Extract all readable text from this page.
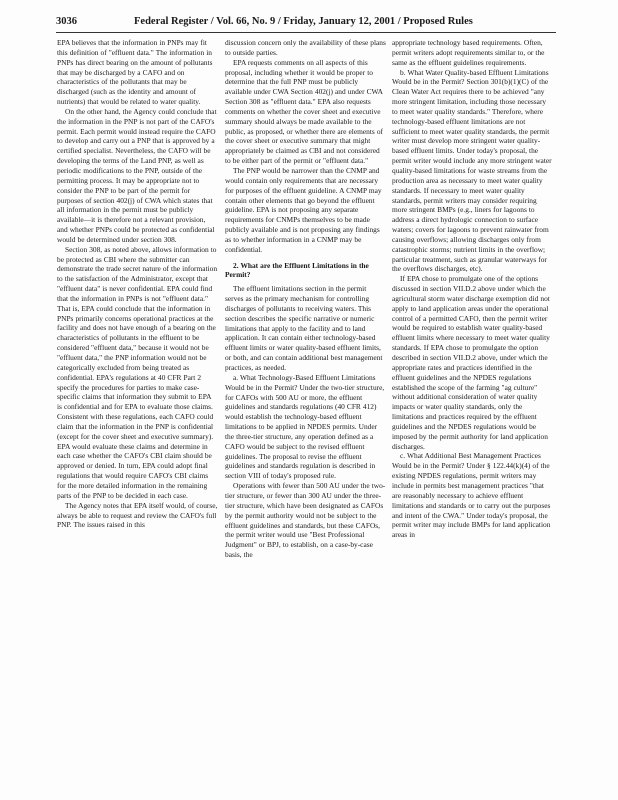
3036	Federal Register / Vol. 66, No. 9 / Friday, January 12, 2001 / Proposed Rules

EPA believes that the information in PNPs may fit this definition of "effluent data." The information in PNPs has direct bearing on the amount of pollutants that may be discharged by a CAFO and on characteristics of the pollutants that may be discharged (such as the identity and amount of nutrients) that would be related to water quality.

On the other hand, the Agency could conclude that the information in the PNP is not part of the CAFO's permit. Each permit would instead require the CAFO to develop and carry out a PNP that is approved by a certified specialist. Nevertheless, the CAFO will be developing the terms of the Land PNP, as well as periodic modifications to the PNP, outside of the permitting process. It may be appropriate not to consider the PNP to be part of the permit for purposes of section 402(j) of CWA which states that all information in the permit must be publicly available—it is therefore not a relevant provision, and whether PNPs could be protected as confidential would be determined under section 308.

Section 308, as noted above, allows information to be protected as CBI where the submitter can demonstrate the trade secret nature of the information to the satisfaction of the Administrator, except that "effluent data" is never confidential. EPA could find that the information in PNPs is not "effluent data." That is, EPA could conclude that the information in PNPs primarily concerns operational practices at the facility and does not have enough of a bearing on the characteristics of pollutants in the effluent to be considered "effluent data," because it would not be "effluent data," the PNP information would not be categorically excluded from being treated as confidential. EPA's regulations at 40 CFR Part 2 specify the procedures for parties to make case-specific claims that information they submit to EPA is confidential and for EPA to evaluate those claims. Consistent with these regulations, each CAFO could claim that the information in the PNP is confidential (except for the cover sheet and executive summary). EPA would evaluate these claims and determine in each case whether the CAFO's CBI claim should be approved or denied. In turn, EPA could adopt final regulations that would require CAFO's CBI claims for the more detailed information in the remaining parts of the PNP to be decided in each case.

The Agency notes that EPA itself would, of course, always be able to request and review the CAFO's full PNP. The issues raised in this

discussion concern only the availability of these plans to outside parties.

EPA requests comments on all aspects of this proposal, including whether it would be proper to determine that the full PNP must be publicly available under CWA Section 402(j) and under CWA Section 308 as "effluent data." EPA also requests comments on whether the cover sheet and executive summary should always be made available to the public, as proposed, or whether there are elements of the cover sheet or executive summary that might appropriately be claimed as CBI and not considered to be either part of the permit or "effluent data."

The PNP would be narrower than the CNMP and would contain only requirements that are necessary for purposes of the effluent guideline. A CNMP may contain other elements that go beyond the effluent guideline. EPA is not proposing any separate requirements for CNMPs themselves to be made publicly available and is not proposing any findings as to whether information in a CNMP may be confidential.

2. What are the Effluent Limitations in the Permit?

The effluent limitations section in the permit serves as the primary mechanism for controlling discharges of pollutants to receiving waters. This section describes the specific narrative or numeric limitations that apply to the facility and to land application. It can contain either technology-based effluent limits or water quality-based effluent limits, or both, and can contain additional best management practices, as needed.

a. What Technology-Based Effluent Limitations Would be in the Permit? Under the two-tier structure, for CAFOs with 500 AU or more, the effluent guidelines and standards regulations (40 CFR 412) would establish the technology-based effluent limitations to be applied in NPDES permits. Under the three-tier structure, any operation defined as a CAFO would be subject to the revised effluent guidelines. The proposal to revise the effluent guidelines and standards regulation is described in section VIII of today's proposed rule.

Operations with fewer than 500 AU under the two-tier structure, or fewer than 300 AU under the three-tier structure, which have been designated as CAFOs by the permit authority would not be subject to the effluent guidelines and standards, but these CAFOs, the permit writer would use "Best Professional Judgment" or BPJ, to establish, on a case-by-case basis, the

appropriate technology based requirements. Often, permit writers adopt requirements similar to, or the same as the effluent guidelines requirements.

b. What Water Quality-based Effluent Limitations Would be in the Permit? Section 301(b)(1)(C) of the Clean Water Act requires there to be achieved "any more stringent limitation, including those necessary to meet water quality standards." Therefore, where technology-based effluent limitations are not sufficient to meet water quality standards, the permit writer must develop more stringent water quality-based effluent limits. Under today's proposal, the permit writer would include any more stringent water quality-based limitations for waste streams from the production area as necessary to meet water quality standards. If necessary to meet water quality standards, permit writers may consider requiring more stringent BMPs (e.g., liners for lagoons to address a direct hydrologic connection to surface waters; covers for lagoons to prevent rainwater from causing overflows; allowing discharges only from catastrophic storms; nutrient limits in the overflow; particular treatment, such as granular waterways for the overflows discharges, etc).

If EPA chose to promulgate one of the options discussed in section VII.D.2 above under which the agricultural storm water discharge exemption did not apply to land application areas under the operational control of a permitted CAFO, then the permit writer would be required to establish water quality-based effluent limits where necessary to meet water quality standards. If EPA chose to promulgate the option described in section VII.D.2 above, under which the appropriate rates and practices identified in the effluent guidelines and the NPDES regulations established the scope of the farming "ag culture" without additional consideration of water quality impacts or water quality standards, only the limitations and practices required by the effluent guidelines and the NPDES regulations would be imposed by the permit authority for land application discharges.

c. What Additional Best Management Practices Would be in the Permit? Under § 122.44(k)(4) of the existing NPDES regulations, permit writers may include in permits best management practices "that are reasonably necessary to achieve effluent limitations and standards or to carry out the purposes and intent of the CWA." Under today's proposal, the permit writer may include BMPs for land application areas in
